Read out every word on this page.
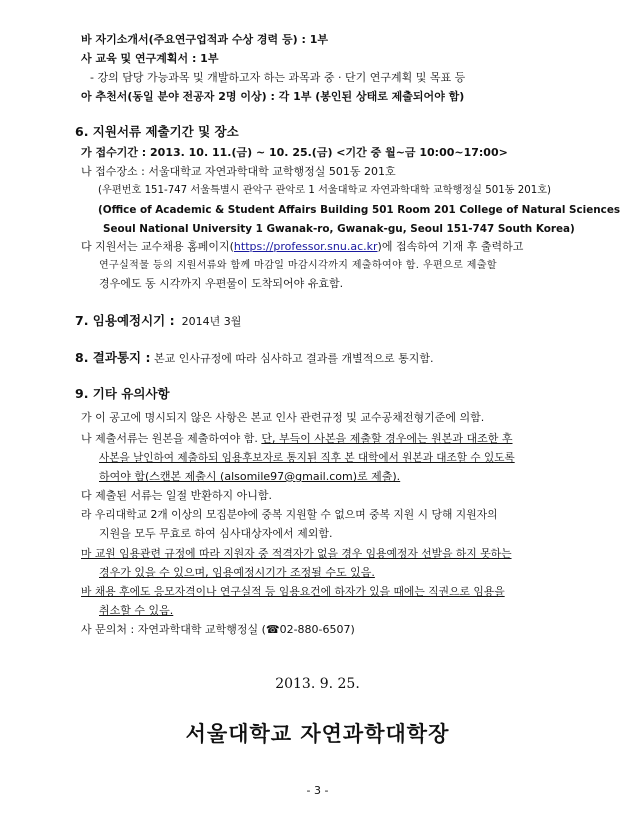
바 자기소개서(주요연구업적과 수상 경력 등) : 1부
사 교육 및 연구계획서 : 1부
- 강의 담당 가능과목 및 개발하고자 하는 과목과 중 · 단기 연구계획 및 목표 등
아 추천서(동일 분야 전공자 2명 이상) : 각 1부 (봉인된 상태로 제출되어야 함)
6. 지원서류 제출기간 및 장소
가 접수기간 : 2013. 10. 11.(금) ~ 10. 25.(금) <기간 중 월~금 10:00~17:00>
나 접수장소 : 서울대학교 자연과학대학 교학행정실 501동 201호
(우편번호 151-747 서울특별시 관악구 관악로 1 서울대학교 자연과학대학 교학행정실 501동 201호)
(Office of Academic & Student Affairs Building 501 Room 201 College of Natural Sciences
Seoul National University 1 Gwanak-ro, Gwanak-gu, Seoul 151-747 South Korea)
다 지원서는 교수채용 홈페이지(https://professor.snu.ac.kr)에 접속하여 기재 후 출력하고
연구실적물 등의 지원서류와 함께 마감일 마감시각까지 제출하여야 함. 우편으로 제출할
경우에도 동 시각까지 우편물이 도착되어야 유효함.
7. 임용예정시기 : 2014년 3월
8. 결과통지 : 본교 인사규정에 따라 심사하고 결과를 개별적으로 통지함.
9. 기타 유의사항
가 이 공고에 명시되지 않은 사항은 본교 인사 관련규정 및 교수공채전형기준에 의함.
나 제출서류는 원본을 제출하여야 함. 단, 부득이 사본을 제출할 경우에는 원본과 대조한 후
사본을 날인하여 제출하되 임용후보자로 통지된 직후 본 대학에서 원본과 대조할 수 있도록
하여야 함(스캔본 제출시 (alsomile97@gmail.com)로 제출).
다 제출된 서류는 일절 반환하지 아니함.
라 우리대학교 2개 이상의 모집분야에 중복 지원할 수 없으며 중복 지원 시 당해 지원자의
지원을 모두 무효로 하여 심사대상자에서 제외함.
마 교원 임용관련 규정에 따라 지원자 중 적격자가 없을 경우 임용예정자 선발을 하지 못하는
경우가 있을 수 있으며, 임용예정시기가 조정될 수도 있음.
바 채용 후에도 응모자격이나 연구실적 등 임용요건에 하자가 있을 때에는 직권으로 임용을
취소할 수 있음.
사 문의처 : 자연과학대학 교학행정실 (☎02-880-6507)
2013. 9. 25.
서울대학교 자연과학대학장
- 3 -
